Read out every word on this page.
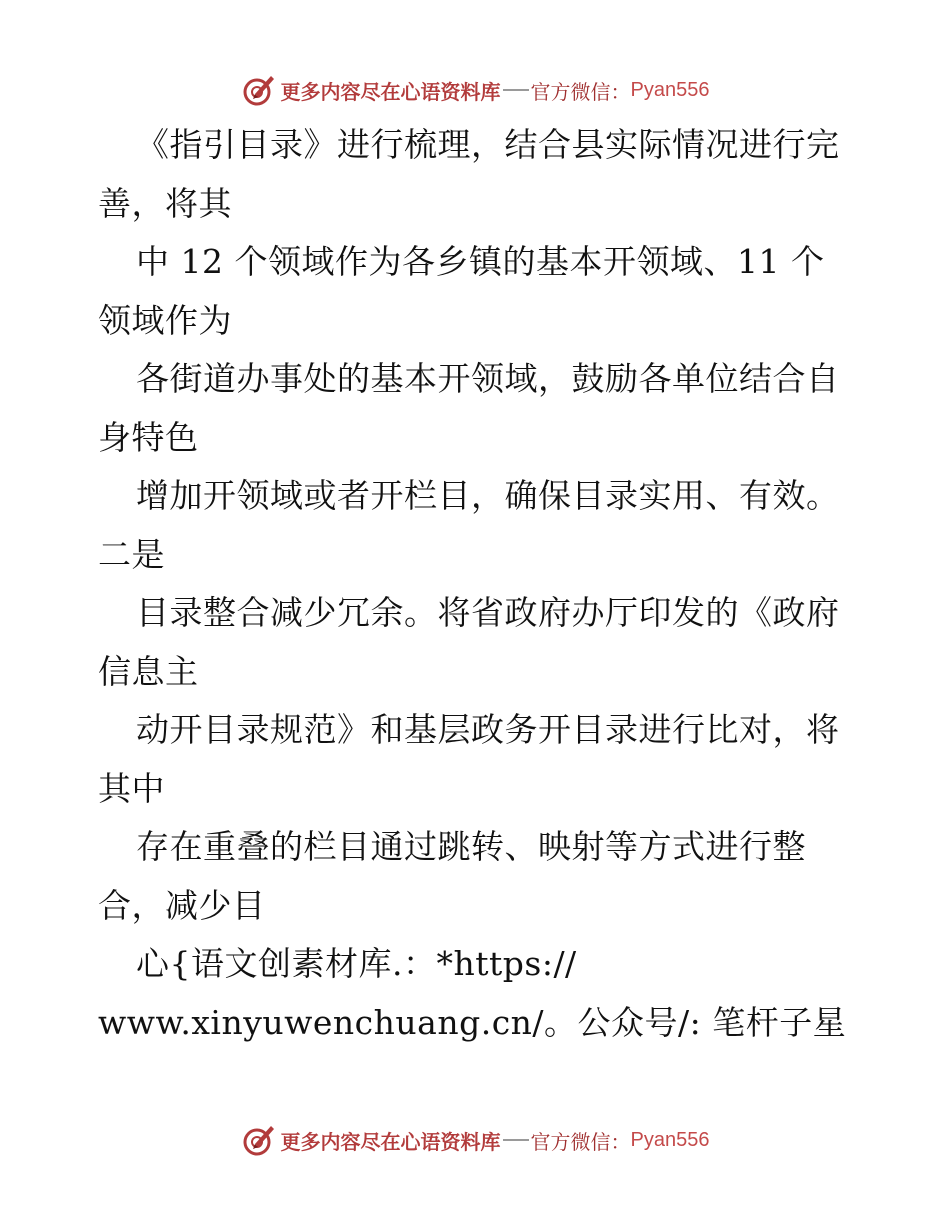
更多内容尽在心语资料库 官方微信： Pyan556
《指引目录》进行梳理，结合县实际情况进行完
善，将其
中 12 个领域作为各乡镇的基本开领域、11 个
领域作为
各街道办事处的基本开领域，鼓励各单位结合自
身特色
增加开领域或者开栏目，确保目录实用、有效。
二是
目录整合减少冗余。将省政府办厅印发的《政府
信息主
动开目录规范》和基层政务开目录进行比对，将
其中
存在重叠的栏目通过跳转、映射等方式进行整
合，减少目
心{语文创素材库.：*https://
www.xinyuwenchuang.cn/。公众号/: 笔杆子星
更多内容尽在心语资料库 官方微信： Pyan556
